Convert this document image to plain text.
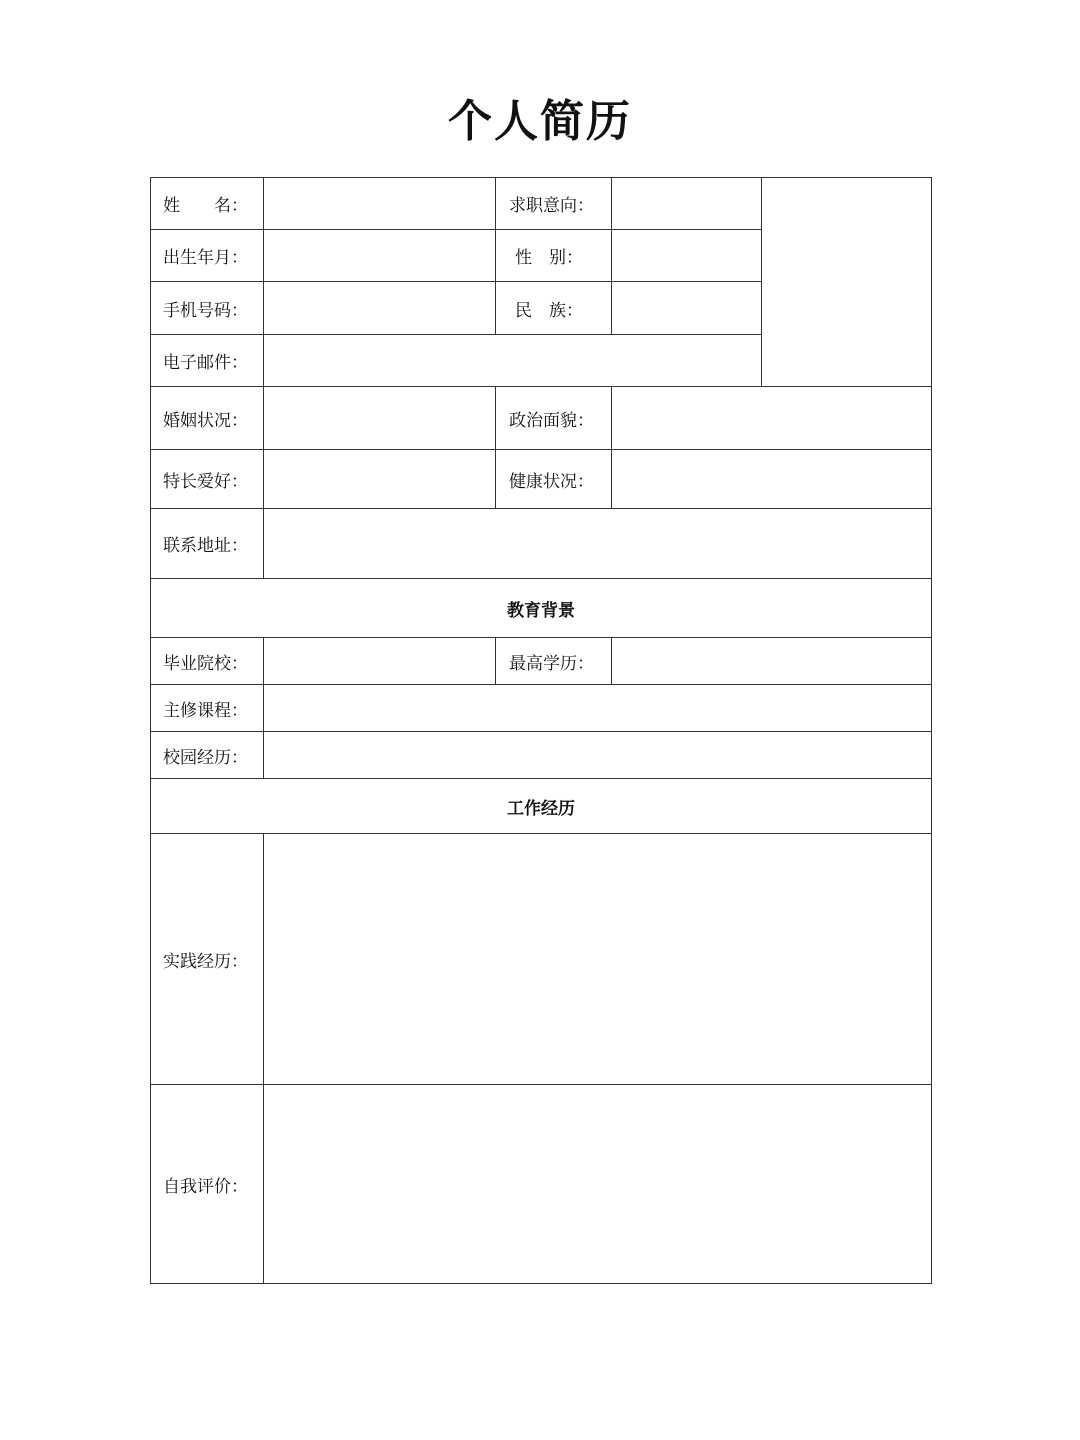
个人简历
姓　　名：		求职意向：		
出生年月：		性　别：		
手机号码：		民　族：		
电子邮件：				
婚姻状况：		政治面貌：		
特长爱好：		健康状况：		
联系地址：				
教育背景				
毕业院校：		最高学历：		
主修课程：				
校园经历：				
工作经历				
实践经历：				
自我评价：				
